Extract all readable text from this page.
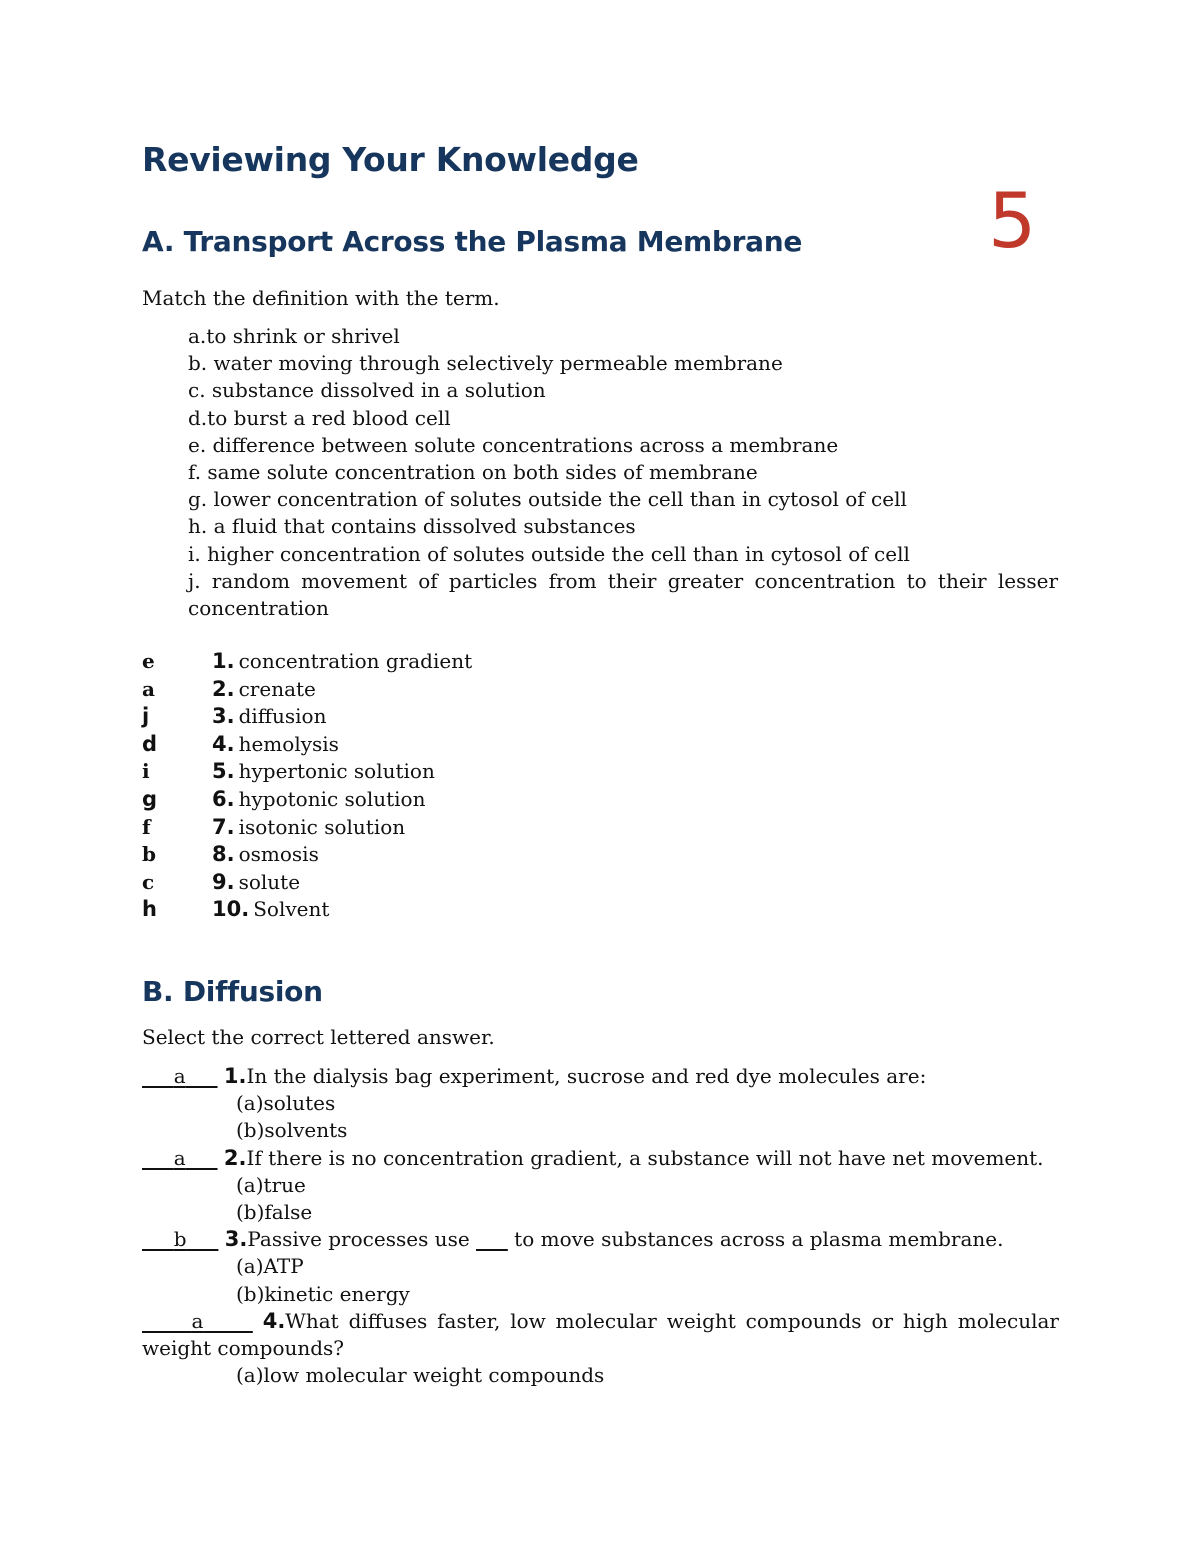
Reviewing Your Knowledge
5
A. Transport Across the Plasma Membrane
Match the definition with the term.
a.to shrink or shrivel
b. water moving through selectively permeable membrane
c. substance dissolved in a solution
d.to burst a red blood cell
e. difference between solute concentrations across a membrane
f. same solute concentration on both sides of membrane
g. lower concentration of solutes outside the cell than in cytosol of cell
h. a fluid that contains dissolved substances
i. higher concentration of solutes outside the cell than in cytosol of cell
j. random movement of particles from their greater concentration to their lesser concentration
e	1. concentration gradient
a	2. crenate
j	3. diffusion
d	4. hemolysis
i	5. hypertonic solution
g	6. hypotonic solution
f	7. isotonic solution
b	8. osmosis
c	9. solute
h	10. Solvent
B. Diffusion
Select the correct lettered answer.
a 1.In the dialysis bag experiment, sucrose and red dye molecules are:
(a)solutes
(b)solvents
a 2.If there is no concentration gradient, a substance will not have net movement.
(a)true
(b)false
b 3.Passive processes use       to move substances across a plasma membrane.
(a)ATP
(b)kinetic energy
a	4.What diffuses faster, low molecular weight compounds or high molecular weight compounds?
(a)low molecular weight compounds
